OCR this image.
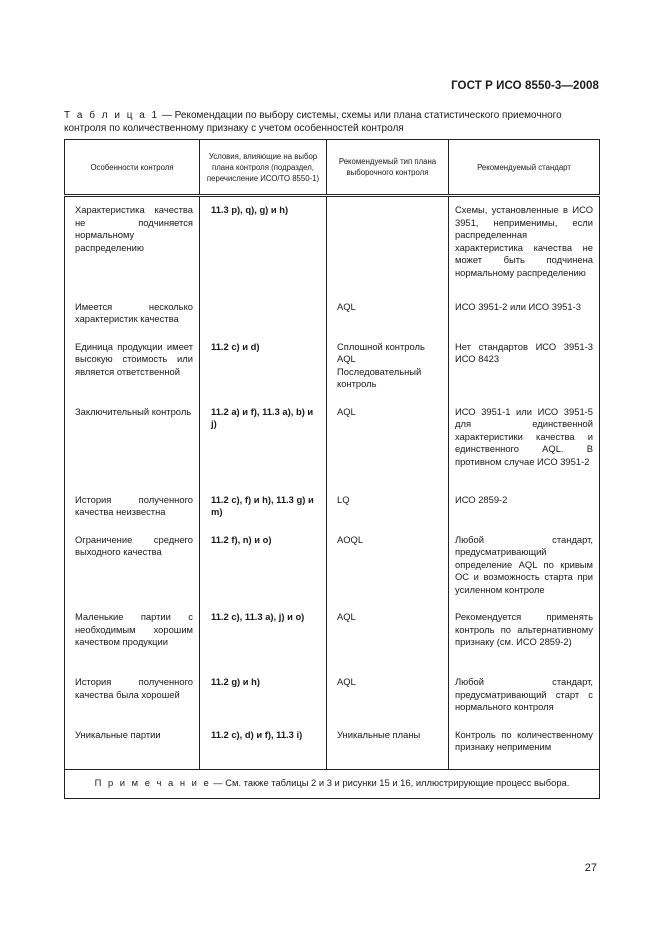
ГОСТ Р ИСО 8550-3—2008
Т а б л и ц а 1 — Рекомендации по выбору системы, схемы или плана статистического приемочного контроля по количественному признаку с учетом особенностей контроля
Особенности контроля	Условия, влияющие на выбор плана контроля (подраздел, перечисление ИСО/ТО 8550-1)	Рекомендуемый тип плана выборочного контроля	Рекомендуемый стандарт
Характеристика качества не подчиняется нормальному распределению	11.3 p), q), g) и h)		Схемы, установленные в ИСО 3951, неприменимы, если распределенная характеристика качества не может быть подчинена нормальному распределению
Имеется несколько характеристик качества		AQL	ИСО 3951-2 или ИСО 3951-3
Единица продукции имеет высокую стоимость или является ответственной	11.2 с) и d)	Сплошной контроль AQL Последовательный контроль	Нет стандартов ИСО 3951-3 ИСО 8423
Заключительный контроль	11.2 а) и f), 11.3 а), b) и j)	AQL	ИСО 3951-1 или ИСО 3951-5 для единственной характеристики качества и единственного AQL. В противном случае ИСО 3951-2
История полученного качества неизвестна	11.2 с), f) и h), 11.3 g) и m)	LQ	ИСО 2859-2
Ограничение среднего выходного качества	11.2 f), n) и о)	AOQL	Любой стандарт, предусматривающий определение AQL по кривым ОС и возможность старта при усиленном контроле
Маленькие партии с необходимым хорошим качеством продукции	11.2 с), 11.3 а), j) и о)	AQL	Рекомендуется применять контроль по альтернативному признаку (см. ИСО 2859-2)
История полученного качества была хорошей	11.2 g) и h)	AQL	Любой стандарт, предусматривающий старт с нормального контроля
Уникальные партии	11.2 с), d) и f), 11.3 i)	Уникальные планы	Контроль по количественному признаку неприменим
П р и м е ч а н и е — См. также таблицы 2 и 3 и рисунки 15 и 16, иллюстрирующие процесс выбора.			
27
